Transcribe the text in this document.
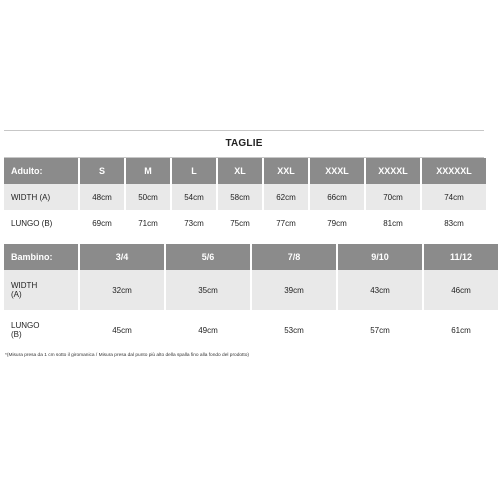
TAGLIE
Adulto:	S	M	L	XL	XXL	XXXL	XXXXL	XXXXXL
WIDTH (A)	48cm	50cm	54cm	58cm	62cm	66cm	70cm	74cm
LUNGO (B)	69cm	71cm	73cm	75cm	77cm	79cm	81cm	83cm
Bambino:	3/4	5/6	7/8	9/10	11/12
WIDTH
(A)	32cm	35cm	39cm	43cm	46cm
LUNGO
(B)	45cm	49cm	53cm	57cm	61cm
*(Misura presa da 1 cm sotto il giromanica / Misura presa dal punto più alto della spalla fino alla fondo del prodotto)
